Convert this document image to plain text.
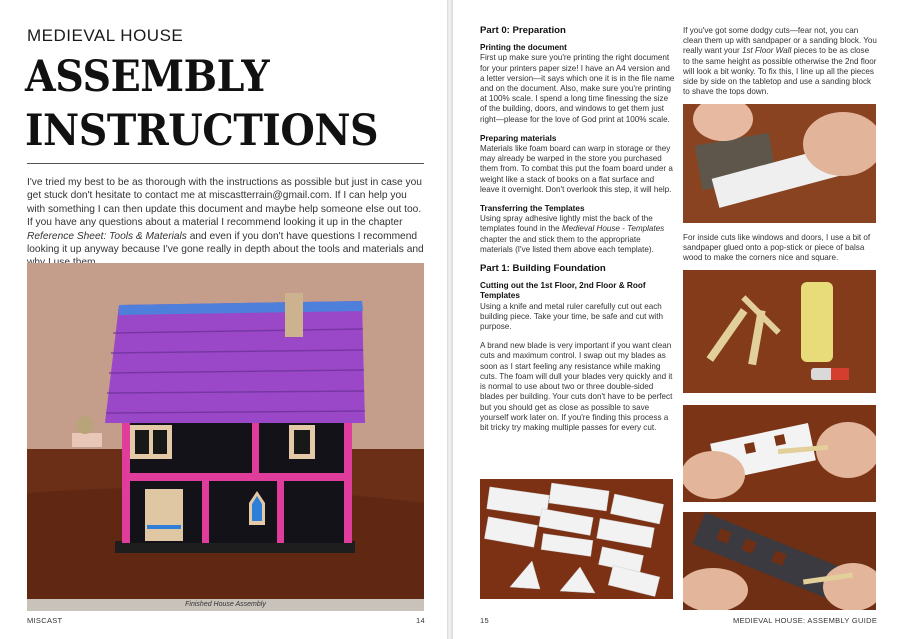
MEDIEVAL HOUSE
ASSEMBLY
INSTRUCTIONS

I've tried my best to be as thorough with the instructions as possible but just in case you get stuck don't hesitate to contact me at miscastterrain@gmail.com. If I can help you with something I can then update this document and maybe help someone else out too. If you have any questions about a material I recommend looking it up in the chapter Reference Sheet: Tools & Materials and even if you don't have questions I recommend looking it up anyway because I've gone really in depth about the tools and materials and

Finished House Assembly
MISCAST	14
Part 0: Preparation
Printing the document

First up make sure you're printing the right document for your printers paper size! I have an A4 version and a letter version—it says which one it is in the file name and on the document. Also, make sure you're printing at 100% scale. I spend a long time finessing the size of the building, doors, and windows to get them just right—please for the love of God print at 100% scale.

Preparing materials

Materials like foam board can warp in storage or they may already be warped in the store you purchased them from. To combat this put the foam board under a weight like a stack of books on a flat surface and leave it overnight. Don't overlook this step, it will help.

Transferring the Templates

Using spray adhesive lightly mist the back of the templates found in the Medieval House - Templates chapter the and stick them to the appropriate materials (I've listed them above each template).

Part 1: Building Foundation
Cutting out the 1st Floor, 2nd Floor & Roof Templates

Using a knife and metal ruler carefully cut out each building piece. Take your time, be safe and cut with purpose.

A brand new blade is very important if you want clean cuts and maximum control. I swap out my blades as soon as I start feeling any resistance while making cuts. The foam will dull your blades very quickly and it is normal to use about two or three double-sided blades per building. Your cuts don't have to be perfect but you should get as close as possible to save yourself work later on. If you're finding this process a bit tricky try making multiple passes for every cut.

If you've got some dodgy cuts—fear not, you can clean them up with sandpaper or a sanding block. You really want your 1st Floor Wall pieces to be as close to the same height as possible otherwise the 2nd floor will look a bit wonky. To fix this, I line up all the pieces side by side on the tabletop and use a sanding block to shave the tops down.

For inside cuts like windows and doors, I use a bit of sandpaper glued onto a pop-stick or piece of balsa wood to make the corners nice and square.

15	MEDIEVAL HOUSE: ASSEMBLY GUIDE
